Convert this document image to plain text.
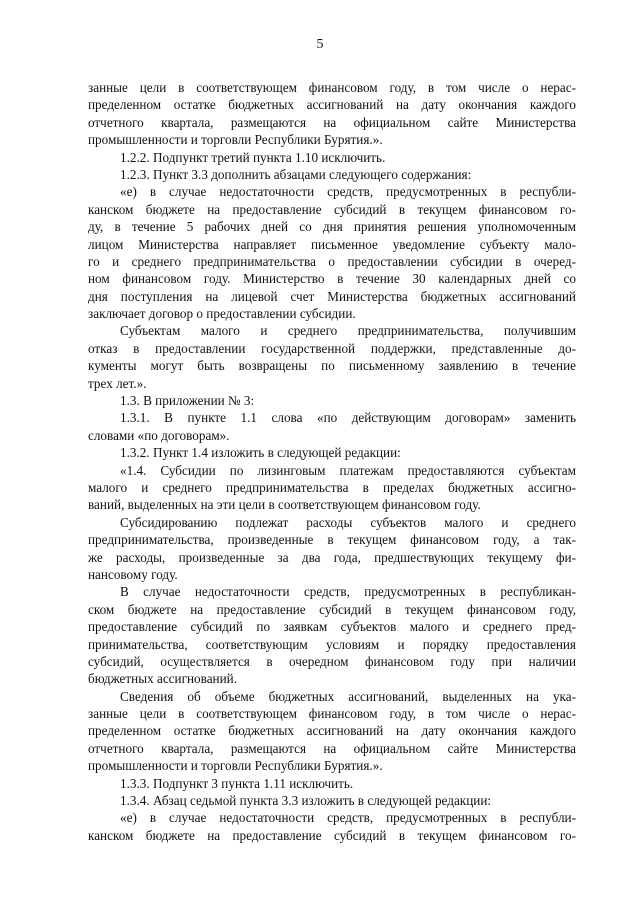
5
занные цели в соответствующем финансовом году, в том числе о нерас-
пределенном остатке бюджетных ассигнований на дату окончания каждого
отчетного квартала, размещаются на официальном сайте Министерства
промышленности и торговли Республики Бурятия.».
1.2.2. Подпункт третий пункта 1.10 исключить.
1.2.3. Пункт 3.3 дополнить абзацами следующего содержания:
«е) в случае недостаточности средств, предусмотренных в республи-
канском бюджете на предоставление субсидий в текущем финансовом го-
ду, в течение 5 рабочих дней со дня принятия решения уполномоченным
лицом Министерства направляет письменное уведомление субъекту мало-
го и среднего предпринимательства о предоставлении субсидии в очеред-
ном финансовом году. Министерство в течение 30 календарных дней со
дня поступления на лицевой счет Министерства бюджетных ассигнований
заключает договор о предоставлении субсидии.
Субъектам малого и среднего предпринимательства, получившим
отказ в предоставлении государственной поддержки, представленные до-
кументы могут быть возвращены по письменному заявлению в течение
трех лет.».
1.3. В приложении № 3:
1.3.1. В пункте 1.1 слова «по действующим договорам» заменить
словами «по договорам».
1.3.2. Пункт 1.4 изложить в следующей редакции:
«1.4. Субсидии по лизинговым платежам предоставляются субъектам
малого и среднего предпринимательства в пределах бюджетных ассигно-
ваний, выделенных на эти цели в соответствующем финансовом году.
Субсидированию подлежат расходы субъектов малого и среднего
предпринимательства, произведенные в текущем финансовом году, а так-
же расходы, произведенные за два года, предшествующих текущему фи-
нансовому году.
В случае недостаточности средств, предусмотренных в республикан-
ском бюджете на предоставление субсидий в текущем финансовом году,
предоставление субсидий по заявкам субъектов малого и среднего пред-
принимательства, соответствующим условиям и порядку предоставления
субсидий, осуществляется в очередном финансовом году при наличии
бюджетных ассигнований.
Сведения об объеме бюджетных ассигнований, выделенных на ука-
занные цели в соответствующем финансовом году, в том числе о нерас-
пределенном остатке бюджетных ассигнований на дату окончания каждого
отчетного квартала, размещаются на официальном сайте Министерства
промышленности и торговли Республики Бурятия.».
1.3.3. Подпункт 3 пункта 1.11 исключить.
1.3.4. Абзац седьмой пункта 3.3 изложить в следующей редакции:
«е) в случае недостаточности средств, предусмотренных в республи-
канском бюджете на предоставление субсидий в текущем финансовом го-
